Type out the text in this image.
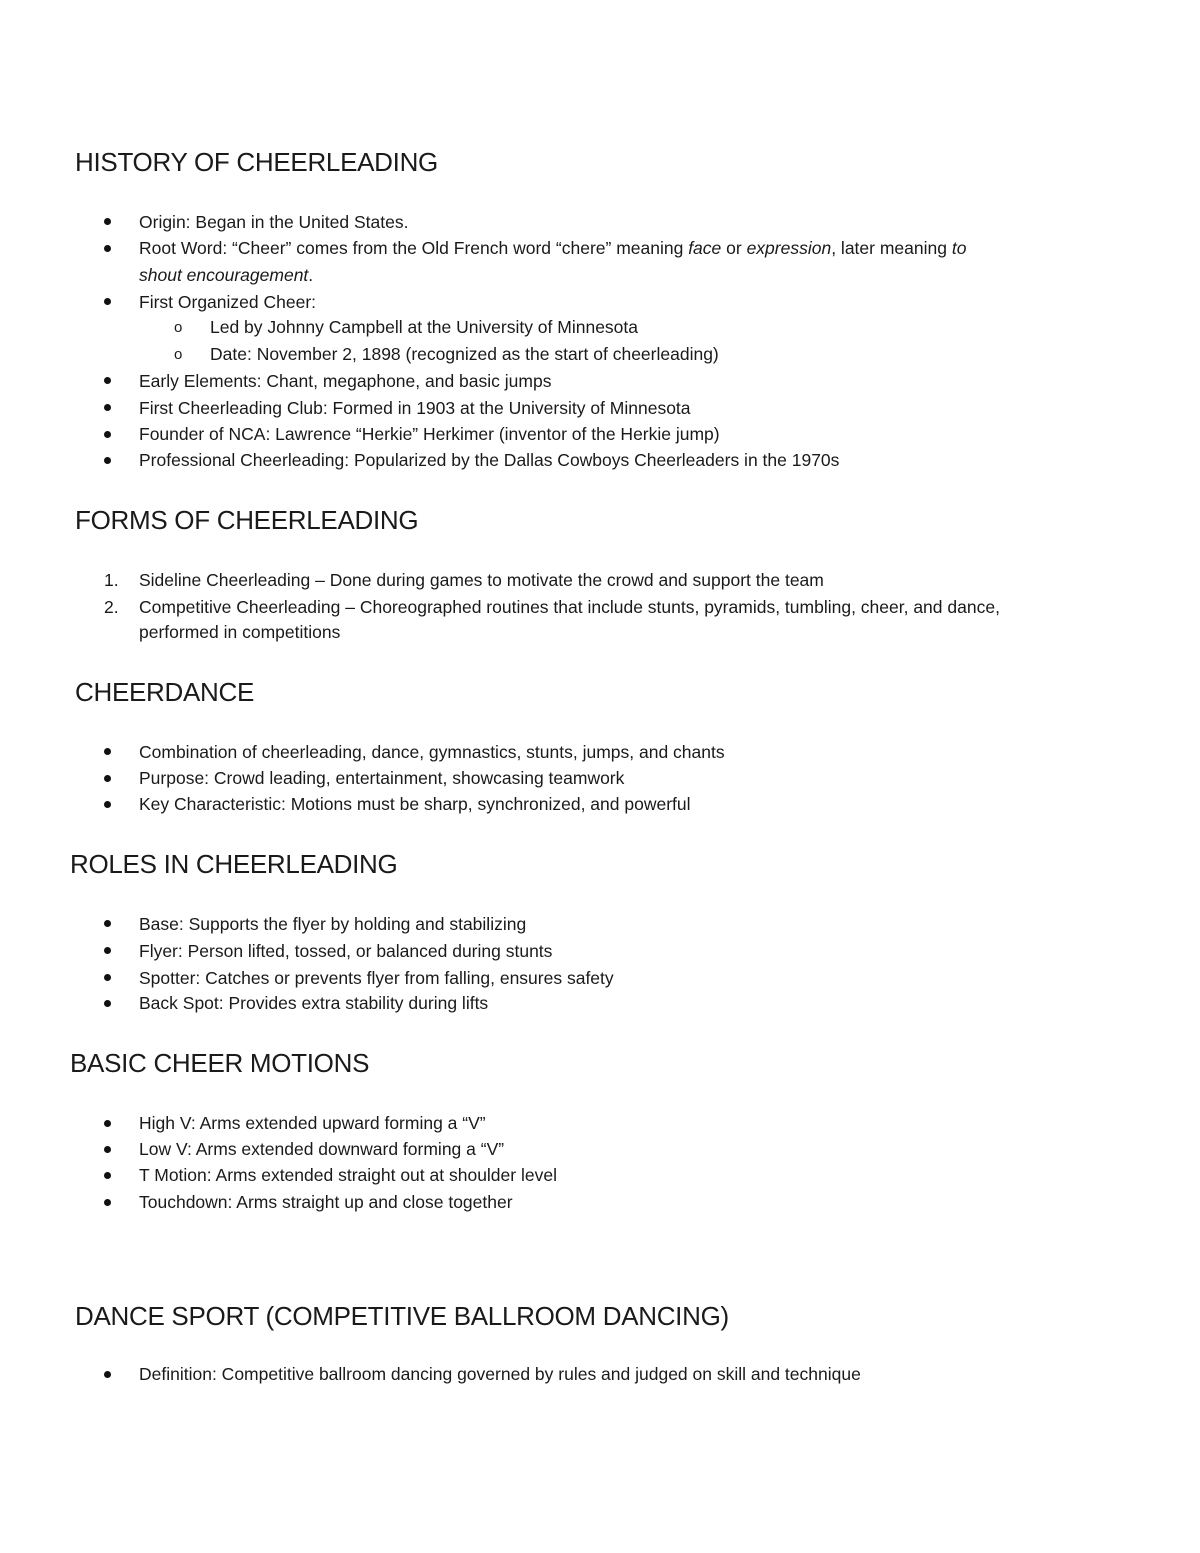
HISTORY OF CHEERLEADING
Origin: Began in the United States.
Root Word: “Cheer” comes from the Old French word “chere” meaning face or expression, later meaning to
shout encouragement.
First Organized Cheer:
o Led by Johnny Campbell at the University of Minnesota
o Date: November 2, 1898 (recognized as the start of cheerleading)
Early Elements: Chant, megaphone, and basic jumps
First Cheerleading Club: Formed in 1903 at the University of Minnesota
Founder of NCA: Lawrence “Herkie” Herkimer (inventor of the Herkie jump)
Professional Cheerleading: Popularized by the Dallas Cowboys Cheerleaders in the 1970s
FORMS OF CHEERLEADING
1. Sideline Cheerleading – Done during games to motivate the crowd and support the team
2. Competitive Cheerleading – Choreographed routines that include stunts, pyramids, tumbling, cheer, and dance,
performed in competitions
CHEERDANCE
Combination of cheerleading, dance, gymnastics, stunts, jumps, and chants
Purpose: Crowd leading, entertainment, showcasing teamwork
Key Characteristic: Motions must be sharp, synchronized, and powerful
ROLES IN CHEERLEADING
Base: Supports the flyer by holding and stabilizing
Flyer: Person lifted, tossed, or balanced during stunts
Spotter: Catches or prevents flyer from falling, ensures safety
Back Spot: Provides extra stability during lifts
BASIC CHEER MOTIONS
High V: Arms extended upward forming a “V”
Low V: Arms extended downward forming a “V”
T Motion: Arms extended straight out at shoulder level
Touchdown: Arms straight up and close together
DANCE SPORT (COMPETITIVE BALLROOM DANCING)
Definition: Competitive ballroom dancing governed by rules and judged on skill and technique
